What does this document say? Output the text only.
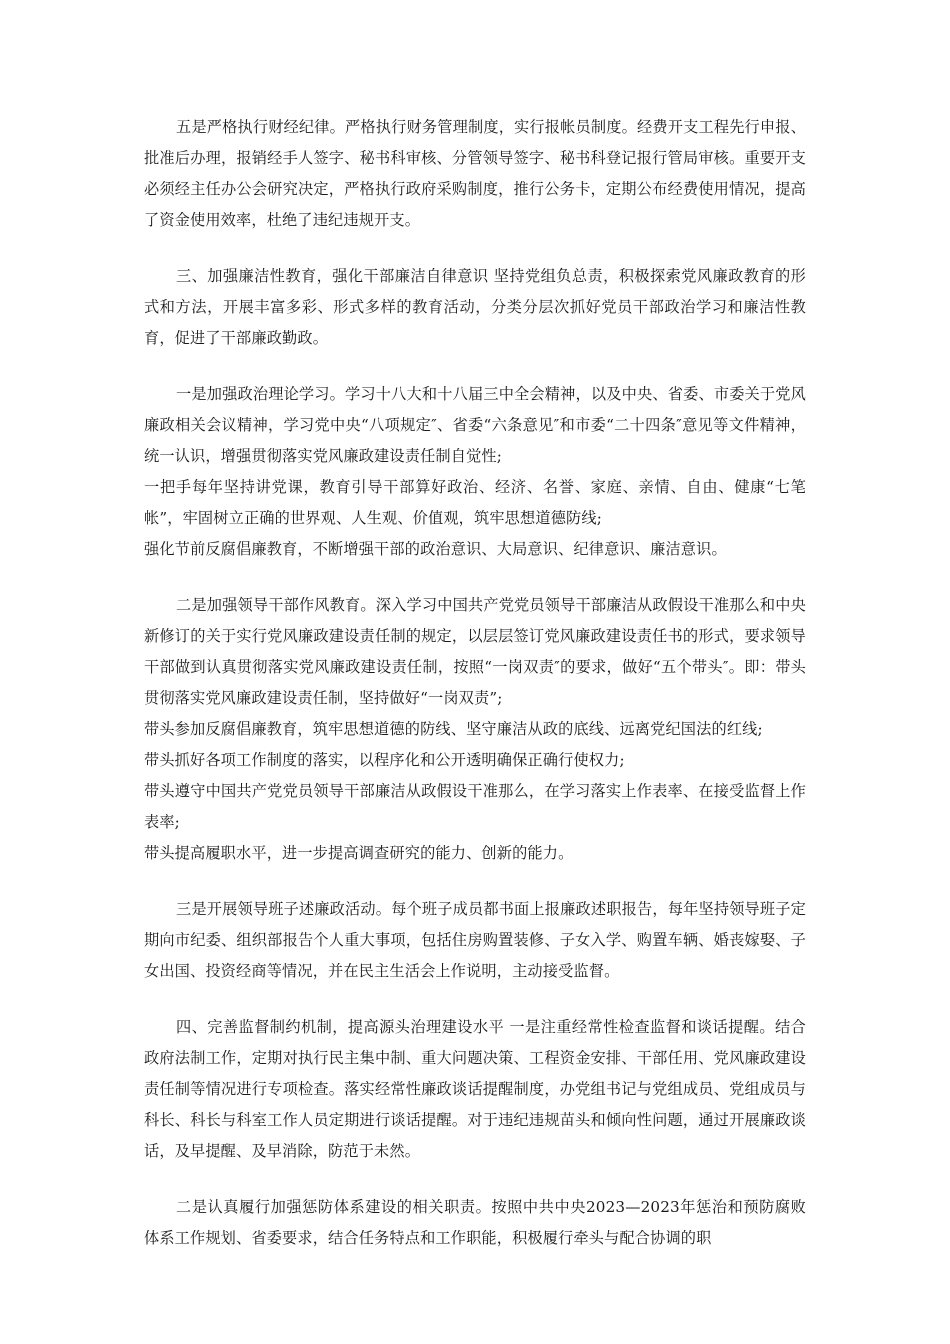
五是严格执行财经纪律。严格执行财务管理制度，实行报帐员制度。经费开支工程先行申报、批准后办理，报销经手人签字、秘书科审核、分管领导签字、秘书科登记报行管局审核。重要开支必须经主任办公会研究决定，严格执行政府采购制度，推行公务卡，定期公布经费使用情况，提高了资金使用效率，杜绝了违纪违规开支。

三、加强廉洁性教育，强化干部廉洁自律意识 坚持党组负总责，积极探索党风廉政教育的形式和方法，开展丰富多彩、形式多样的教育活动，分类分层次抓好党员干部政治学习和廉洁性教育，促进了干部廉政勤政。

一是加强政治理论学习。学习十八大和十八届三中全会精神，以及中央、省委、市委关于党风廉政相关会议精神，学习党中央“八项规定″、省委“六条意见″和市委“二十四条″意见等文件精神，统一认识，增强贯彻落实党风廉政建设责任制自觉性;

一把手每年坚持讲党课，教育引导干部算好政治、经济、名誉、家庭、亲情、自由、健康“七笔帐”，牢固树立正确的世界观、人生观、价值观，筑牢思想道德防线;

强化节前反腐倡廉教育，不断增强干部的政治意识、大局意识、纪律意识、廉洁意识。

二是加强领导干部作风教育。深入学习中国共产党党员领导干部廉洁从政假设干准那么和中央新修订的关于实行党风廉政建设责任制的规定，以层层签订党风廉政建设责任书的形式，要求领导干部做到认真贯彻落实党风廉政建设责任制，按照“一岗双责″的要求，做好“五个带头″。即：带头贯彻落实党风廉政建设责任制，坚持做好“一岗双责”;

带头参加反腐倡廉教育，筑牢思想道德的防线、坚守廉洁从政的底线、远离党纪国法的红线;

带头抓好各项工作制度的落实，以程序化和公开透明确保正确行使权力;

带头遵守中国共产党党员领导干部廉洁从政假设干准那么，在学习落实上作表率、在接受监督上作表率;

带头提高履职水平，进一步提高调查研究的能力、创新的能力。

三是开展领导班子述廉政活动。每个班子成员都书面上报廉政述职报告，每年坚持领导班子定期向市纪委、组织部报告个人重大事项，包括住房购置装修、子女入学、购置车辆、婚丧嫁娶、子女出国、投资经商等情况，并在民主生活会上作说明，主动接受监督。

四、完善监督制约机制，提高源头治理建设水平 一是注重经常性检查监督和谈话提醒。结合政府法制工作，定期对执行民主集中制、重大问题决策、工程资金安排、干部任用、党风廉政建设责任制等情况进行专项检查。落实经常性廉政谈话提醒制度，办党组书记与党组成员、党组成员与科长、科长与科室工作人员定期进行谈话提醒。对于违纪违规苗头和倾向性问题，通过开展廉政谈话，及早提醒、及早消除，防范于未然。

二是认真履行加强惩防体系建设的相关职责。按照中共中央2023—2023年惩治和预防腐败体系工作规划、省委要求，结合任务特点和工作职能，积极履行牵头与配合协调的职
